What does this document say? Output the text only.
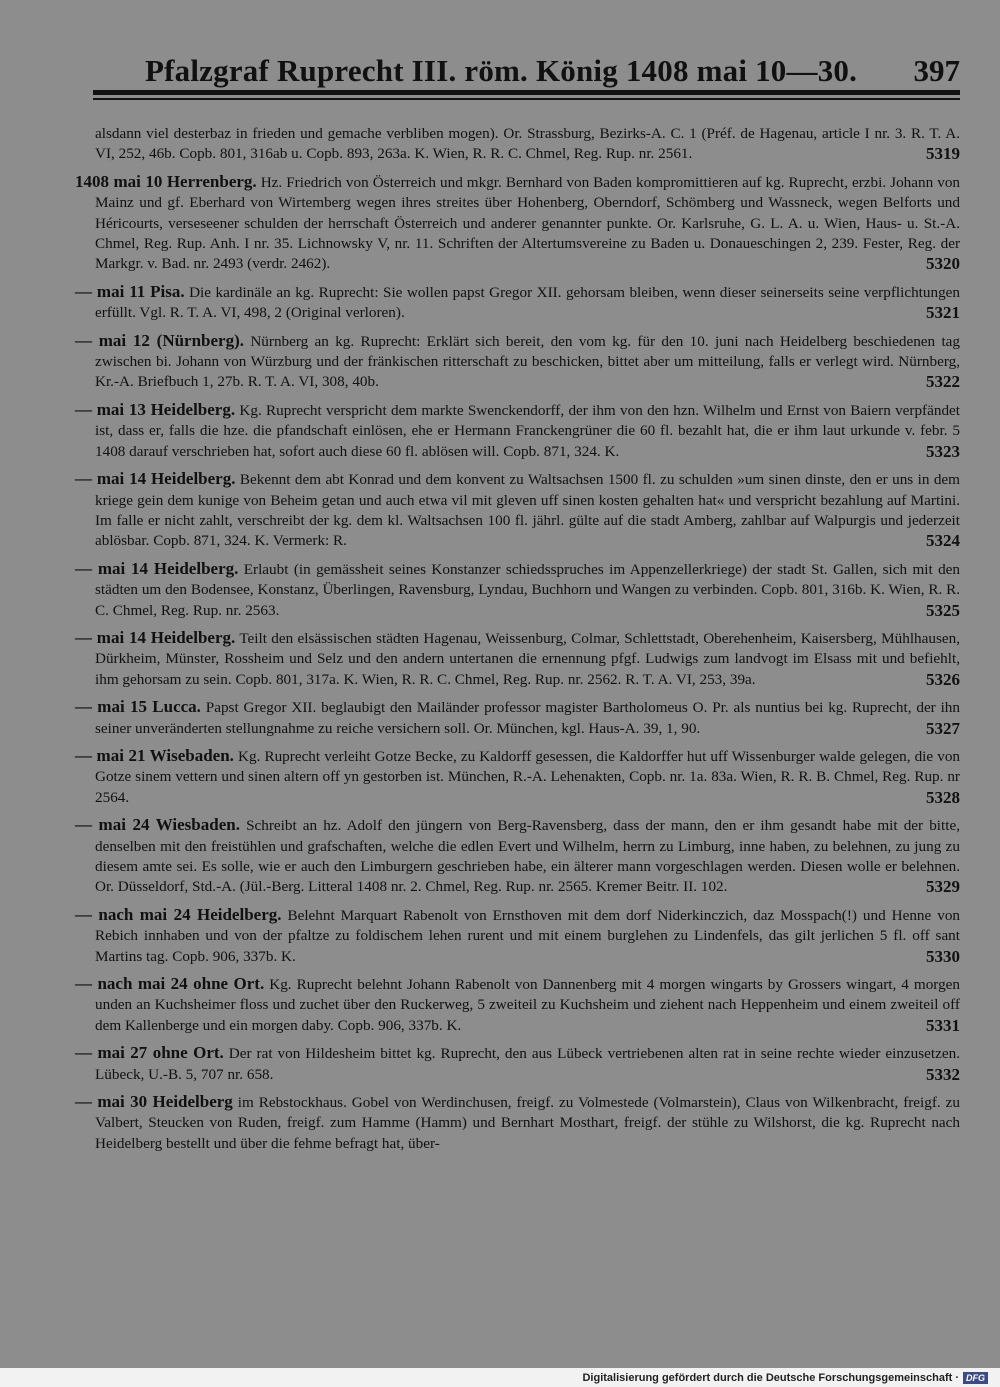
Pfalzgraf Ruprecht III. röm. König 1408 mai 10—30. 397

alsdann viel desterbaz in frieden und gemache verbliben mogen). Or. Strassburg, Bezirks-A. C. 1 (Préf. de Hagenau, article I nr. 3. R. T. A. VI, 252, 46b. Copb. 801, 316ab u. Copb. 893, 263a. K. Wien, R. R. C. Chmel, Reg. Rup. nr. 2561.	5319

1408 mai 10 Herrenberg. Hz. Friedrich von Österreich und mkgr. Bernhard von Baden kompromittieren auf kg. Ruprecht, erzbi. Johann von Mainz und gf. Eberhard von Wirtemberg wegen ihres streites über Hohenberg, Oberndorf, Schömberg und Wassneck, wegen Belforts und Héricourts, verseseener schulden der herrschaft Österreich und anderer genannter punkte. Or. Karlsruhe, G. L. A. u. Wien, Haus- u. St.-A. Chmel, Reg. Rup. Anh. I nr. 35. Lichnowsky V, nr. 11. Schriften der Altertumsvereine zu Baden u. Donaueschingen 2, 239. Fester, Reg. der Markgr. v. Bad. nr. 2493 (verdr. 2462).	5320

— mai 11 Pisa. Die kardinäle an kg. Ruprecht: Sie wollen papst Gregor XII. gehorsam bleiben, wenn dieser seinerseits seine verpflichtungen erfüllt. Vgl. R. T. A. VI, 498, 2 (Original verloren).	5321

— mai 12 (Nürnberg). Nürnberg an kg. Ruprecht: Erklärt sich bereit, den vom kg. für den 10. juni nach Heidelberg beschiedenen tag zwischen bi. Johann von Würzburg und der fränkischen ritterschaft zu beschicken, bittet aber um mitteilung, falls er verlegt wird. Nürnberg, Kr.-A. Briefbuch 1, 27b. R. T. A. VI, 308, 40b.	5322

— mai 13 Heidelberg. Kg. Ruprecht verspricht dem markte Swenckendorff, der ihm von den hzn. Wilhelm und Ernst von Baiern verpfändet ist, dass er, falls die hze. die pfandschaft einlösen, ehe er Hermann Franckengrüner die 60 fl. bezahlt hat, die er ihm laut urkunde v. febr. 5 1408 darauf verschrieben hat, sofort auch diese 60 fl. ablösen will. Copb. 871, 324. K.	5323

— mai 14 Heidelberg. Bekennt dem abt Konrad und dem konvent zu Waltsachsen 1500 fl. zu schulden »um sinen dinste, den er uns in dem kriege gein dem kunige von Beheim getan und auch etwa vil mit gleven uff sinen kosten gehalten hat« und verspricht bezahlung auf Martini. Im falle er nicht zahlt, verschreibt der kg. dem kl. Waltsachsen 100 fl. jährl. gülte auf die stadt Amberg, zahlbar auf Walpurgis und jederzeit ablösbar. Copb. 871, 324. K. Vermerk: R.	5324

— mai 14 Heidelberg. Erlaubt (in gemässheit seines Konstanzer schiedsspruches im Appenzellerkriege) der stadt St. Gallen, sich mit den städten um den Bodensee, Konstanz, Überlingen, Ravensburg, Lyndau, Buchhorn und Wangen zu verbinden. Copb. 801, 316b. K. Wien, R. R. C. Chmel, Reg. Rup. nr. 2563.	5325

— mai 14 Heidelberg. Teilt den elsässischen städten Hagenau, Weissenburg, Colmar, Schlettstadt, Oberehenheim, Kaisersberg, Mühlhausen, Dürkheim, Münster, Rossheim und Selz und den andern untertanen die ernennung pfgf. Ludwigs zum landvogt im Elsass mit und befiehlt, ihm gehorsam zu sein. Copb. 801, 317a. K. Wien, R. R. C. Chmel, Reg. Rup. nr. 2562. R. T. A. VI, 253, 39a.	5326

— mai 15 Lucca. Papst Gregor XII. beglaubigt den Mailänder professor magister Bartholomeus O. Pr. als nuntius bei kg. Ruprecht, der ihn seiner unveränderten stellungnahme zu reiche versichern soll. Or. München, kgl. Haus-A. 39, 1, 90.	5327

— mai 21 Wisebaden. Kg. Ruprecht verleiht Gotze Becke, zu Kaldorff gesessen, die Kaldorffer hut uff Wissenburger walde gelegen, die von Gotze sinem vettern und sinen altern off yn gestorben ist. München, R.-A. Lehenakten, Copb. nr. 1a. 83a. Wien, R. R. B. Chmel, Reg. Rup. nr 2564.	5328

— mai 24 Wiesbaden. Schreibt an hz. Adolf den jüngern von Berg-Ravensberg, dass der mann, den er ihm gesandt habe mit der bitte, denselben mit den freistühlen und grafschaften, welche die edlen Evert und Wilhelm, herrn zu Limburg, inne haben, zu belehnen, zu jung zu diesem amte sei. Es solle, wie er auch den Limburgern geschrieben habe, ein älterer mann vorgeschlagen werden. Diesen wolle er belehnen. Or. Düsseldorf, Std.-A. (Jül.-Berg. Litteral 1408 nr. 2. Chmel, Reg. Rup. nr. 2565. Kremer Beitr. II. 102.	5329

— nach mai 24 Heidelberg. Belehnt Marquart Rabenolt von Ernsthoven mit dem dorf Niderkinczich, daz Mosspach(!) und Henne von Rebich innhaben und von der pfaltze zu foldischem lehen rurent und mit einem burglehen zu Lindenfels, das gilt jerlichen 5 fl. off sant Martins tag. Copb. 906, 337b. K.	5330

— nach mai 24 ohne Ort. Kg. Ruprecht belehnt Johann Rabenolt von Dannenberg mit 4 morgen wingarts by Grossers wingart, 4 morgen unden an Kuchsheimer floss und zuchet über den Ruckerweg, 5 zweiteil zu Kuchsheim und ziehent nach Heppenheim und einem zweiteil off dem Kallenberge und ein morgen daby. Copb. 906, 337b. K.	5331

— mai 27 ohne Ort. Der rat von Hildesheim bittet kg. Ruprecht, den aus Lübeck vertriebenen alten rat in seine rechte wieder einzusetzen. Lübeck, U.-B. 5, 707 nr. 658.	5332

— mai 30 Heidelberg im Rebstockhaus. Gobel von Werdinchusen, freigf. zu Volmestede (Volmarstein), Claus von Wilkenbracht, freigf. zu Valbert, Steucken von Ruden, freigf. zum Hamme (Hamm) und Bernhart Mosthart, freigf. der stühle zu Wilshorst, die kg. Ruprecht nach Heidelberg bestellt und über die fehme befragt hat, über-

Digitalisierung gefördert durch die Deutsche Forschungsgemeinschaft · DFG
